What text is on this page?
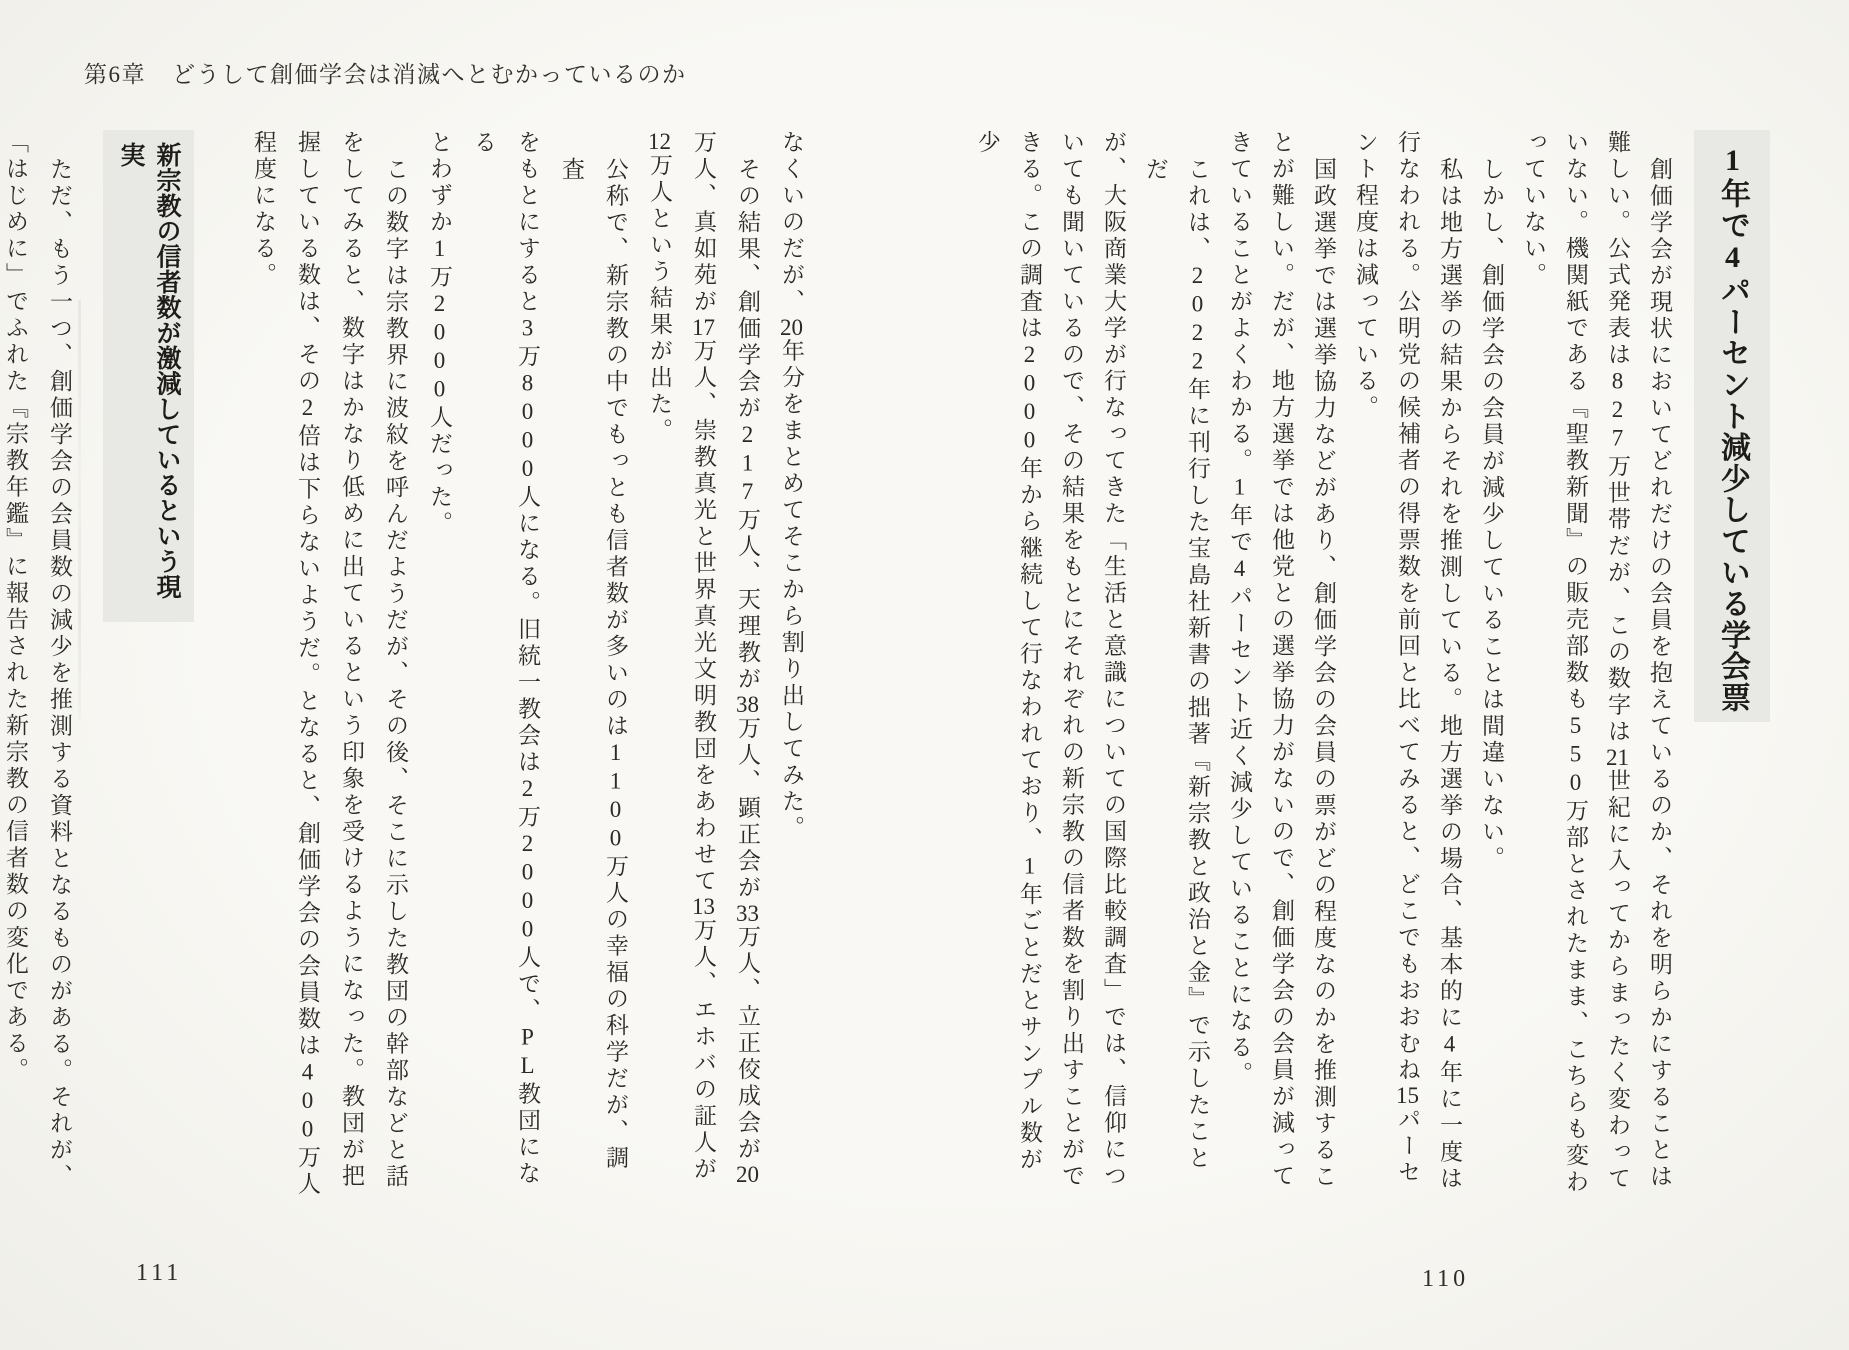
第6章 どうして創価学会は消滅へとむかっているのか

1年で4パーセント減少している学会票

創価学会が現状においてどれだけの会員を抱えているのか、それを明らかにすることは

難しい。公式発表は827万世帯だが、この数字は21世紀に入ってからまったく変わって

いない。機関紙である『聖教新聞』の販売部数も550万部とされたまま、こちらも変わ

っていない。

しかし、創価学会の会員が減少していることは間違いない。

私は地方選挙の結果からそれを推測している。地方選挙の場合、基本的に4年に一度は

行なわれる。公明党の候補者の得票数を前回と比べてみると、どこでもおおむね15パーセ

ント程度は減っている。

国政選挙では選挙協力などがあり、創価学会の会員の票がどの程度なのかを推測するこ

とが難しい。だが、地方選挙では他党との選挙協力がないので、創価学会の会員が減って

きていることがよくわかる。1年で4パーセント近く減少していることになる。

これは、2022年に刊行した宝島社新書の拙著『新宗教と政治と金』で示したことだ

が、大阪商業大学が行なってきた「生活と意識についての国際比較調査」では、信仰につ

いても聞いているので、その結果をもとにそれぞれの新宗教の信者数を割り出すことがで

きる。この調査は2000年から継続して行なわれており、1年ごとだとサンプル数が少

なくいのだが、20年分をまとめてそこから割り出してみた。

その結果、創価学会が217万人、天理教が38万人、顕正会が33万人、立正佼成会が20

万人、真如苑が17万人、崇教真光と世界真光文明教団をあわせて13万人、エホバの証人が

12万人という結果が出た。

公称で、新宗教の中でもっとも信者数が多いのは1100万人の幸福の科学だが、調査

をもとにすると3万8000人になる。旧統一教会は2万2000人で、PL教団になる

とわずか1万2000人だった。

この数字は宗教界に波紋を呼んだようだが、その後、そこに示した教団の幹部などと話

をしてみると、数字はかなり低めに出ているという印象を受けるようになった。教団が把

握している数は、その2倍は下らないようだ。となると、創価学会の会員数は400万人

程度になる。

新宗教の信者数が激減しているという現実

ただ、もう一つ、創価学会の会員数の減少を推測する資料となるものがある。それが、

「はじめに」でふれた『宗教年鑑』に報告された新宗教の信者数の変化である。

110
111
